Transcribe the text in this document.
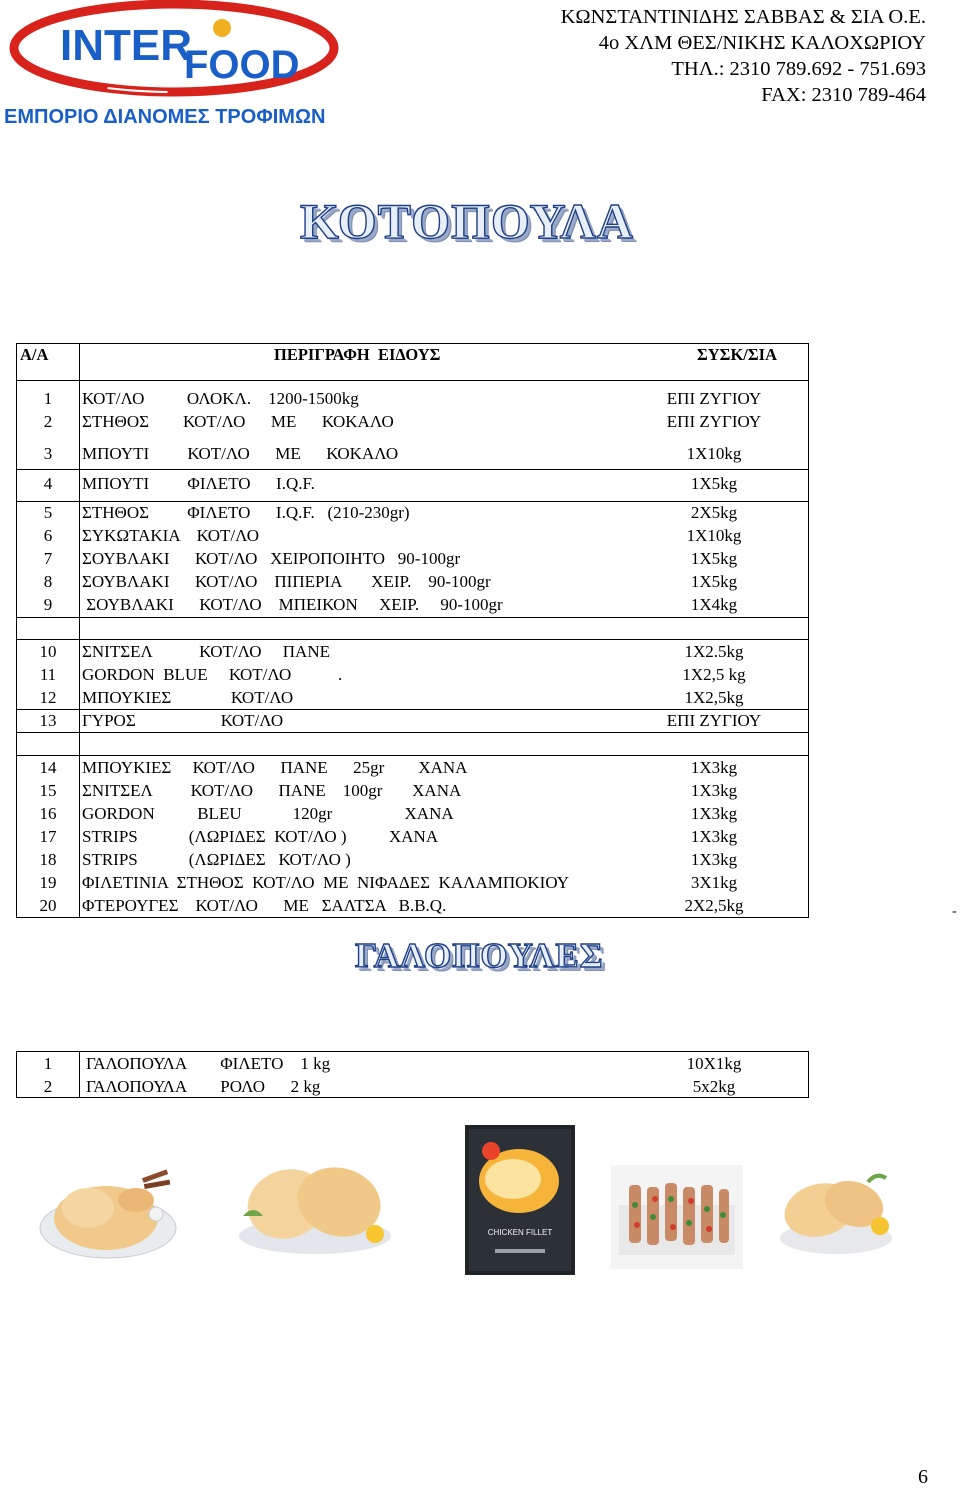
INTER
FOOD
ΕΜΠΟΡΙΟ ΔΙΑΝΟΜΕΣ ΤΡΟΦΙΜΩΝ
ΚΩΝΣΤΑΝΤΙΝΙΔΗΣ ΣΑΒΒΑΣ & ΣΙΑ Ο.Ε.
4ο ΧΛΜ ΘΕΣ/ΝΙΚΗΣ ΚΑΛΟΧΩΡΙΟΥ
ΤΗΛ.: 2310 789.692 - 751.693
FAX: 2310 789-464
ΚΟΤΟΠΟΥΛΑ
Α/Α	ΠΕΡΙΓΡΑΦΗ  ΕΙΔΟΥΣ	ΣΥΣΚ/ΣΙΑ
1	ΚΟΤ/ΛΟ          ΟΛΟΚΛ.    1200-1500kg	ΕΠΙ ΖΥΓΙΟΥ
2	ΣΤΗΘΟΣ        ΚΟΤ/ΛΟ      ΜΕ      ΚΟΚΑΛΟ	ΕΠΙ ΖΥΓΙΟΥ
3	ΜΠΟΥΤΙ         ΚΟΤ/ΛΟ      ΜΕ      ΚΟΚΑΛΟ	1Χ10kg
4	ΜΠΟΥΤΙ         ΦΙΛΕΤΟ      Ι.Q.F.	1Χ5kg
5	ΣΤΗΘΟΣ         ΦΙΛΕΤΟ      Ι.Q.F.   (210-230gr)	2Χ5kg
6	ΣΥΚΩΤΑΚΙΑ    ΚΟΤ/ΛΟ	1Χ10kg
7	ΣΟΥΒΛΑΚΙ      ΚΟΤ/ΛΟ   ΧΕΙΡΟΠΟΙΗΤΟ   90-100gr	1Χ5kg
8	ΣΟΥΒΛΑΚΙ      ΚΟΤ/ΛΟ    ΠΙΠΕΡΙΑ       ΧΕΙΡ.    90-100gr	1Χ5kg
9	ΣΟΥΒΛΑΚΙ      ΚΟΤ/ΛΟ    ΜΠΕΙΚΟΝ     ΧΕΙΡ.     90-100gr	1Χ4kg
10	ΣΝΙΤΣΕΛ           ΚΟΤ/ΛΟ     ΠΑΝΕ	1Χ2.5kg
11	GORDON  BLUE     ΚΟΤ/ΛΟ           .	1Χ2,5 kg
12	ΜΠΟΥΚΙΕΣ              ΚΟΤ/ΛΟ	1Χ2,5kg
13	ΓΥΡΟΣ                    ΚΟΤ/ΛΟ	ΕΠΙ ΖΥΓΙΟΥ
14	ΜΠΟΥΚΙΕΣ     ΚΟΤ/ΛΟ      ΠΑΝΕ      25gr        ΧΑΝΑ	1Χ3kg
15	ΣΝΙΤΣΕΛ         ΚΟΤ/ΛΟ      ΠΑΝΕ    100gr       ΧΑΝΑ	1Χ3kg
16	GORDON          BLEU            120gr                 ΧΑΝΑ	1Χ3kg
17	STRIPS            (ΛΩΡΙΔΕΣ  ΚΟΤ/ΛΟ )          ΧΑΝΑ	1Χ3kg
18	STRIPS            (ΛΩΡΙΔΕΣ   ΚΟΤ/ΛΟ )	1Χ3kg
19	ΦΙΛΕΤΙΝΙΑ  ΣΤΗΘΟΣ  ΚΟΤ/ΛΟ  ΜΕ  ΝΙΦΑΔΕΣ  ΚΑΛΑΜΠΟΚΙΟΥ	3Χ1kg
20	ΦΤΕΡΟΥΓΕΣ    ΚΟΤ/ΛΟ      ΜΕ   ΣΑΛΤΣΑ   Β.Β.Q.	2Χ2,5kg	-
ΓΑΛΟΠΟΥΛΕΣ
1	ΓΑΛΟΠΟΥΛΑ        ΦΙΛΕΤΟ    1 kg	10Χ1kg
2	ΓΑΛΟΠΟΥΛΑ        ΡΟΛΟ      2 kg	5x2kg
CHICKEN FILLET
6
